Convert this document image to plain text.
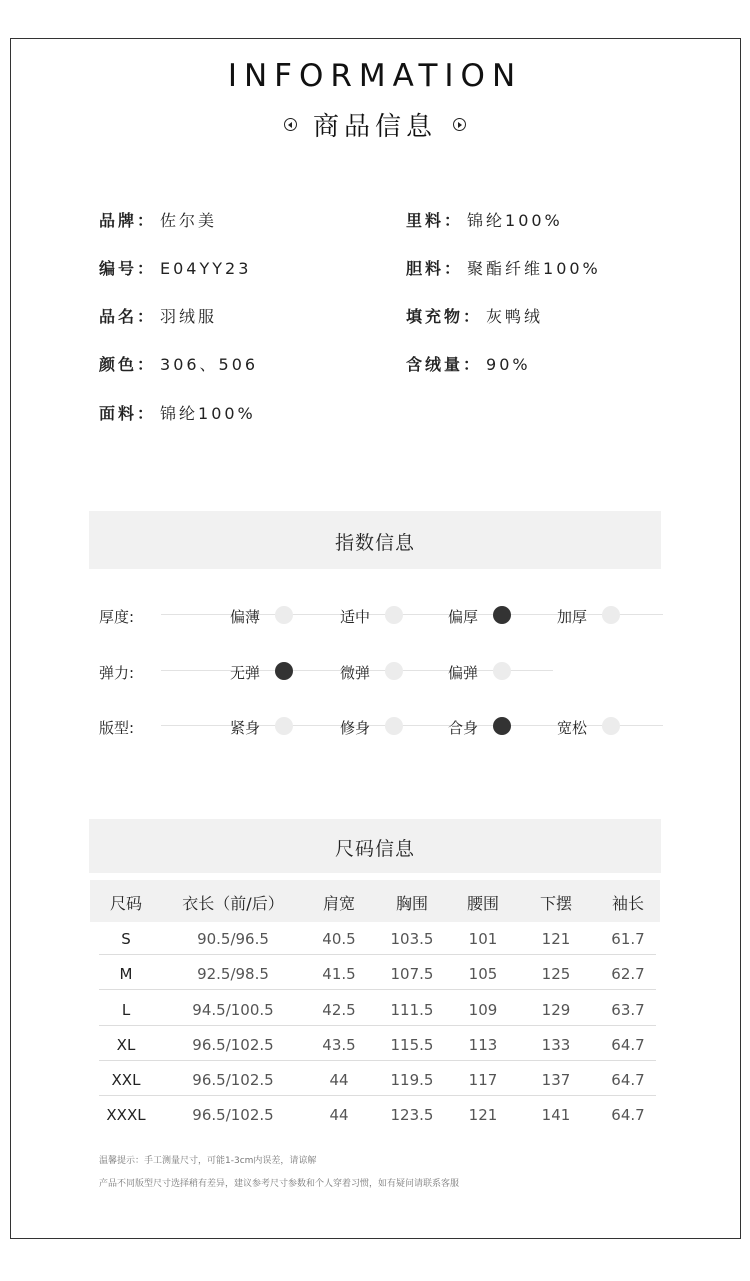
INFORMATION
商品信息
品牌： 佐尔美
编号： E04YY23
品名： 羽绒服
颜色： 306、506
面料： 锦纶100%
里料： 锦纶100%
胆料： 聚酯纤维100%
填充物： 灰鸭绒
含绒量： 90%
指数信息
厚度:	偏薄	适中	偏厚	加厚
弹力:	无弹	微弹	偏弹
版型:	紧身	修身	合身	宽松
尺码信息
尺码	衣长（前/后）	肩宽	胸围	腰围	下摆	袖长
S	90.5/96.5	40.5	103.5	101	121	61.7
M	92.5/98.5	41.5	107.5	105	125	62.7
L	94.5/100.5	42.5	111.5	109	129	63.7
XL	96.5/102.5	43.5	115.5	113	133	64.7
XXL	96.5/102.5	44	119.5	117	137	64.7
XXXL	96.5/102.5	44	123.5	121	141	64.7
温馨提示：手工测量尺寸，可能1-3cm内误差，请谅解
产品不同版型尺寸选择稍有差异，建议参考尺寸参数和个人穿着习惯，如有疑问请联系客服
